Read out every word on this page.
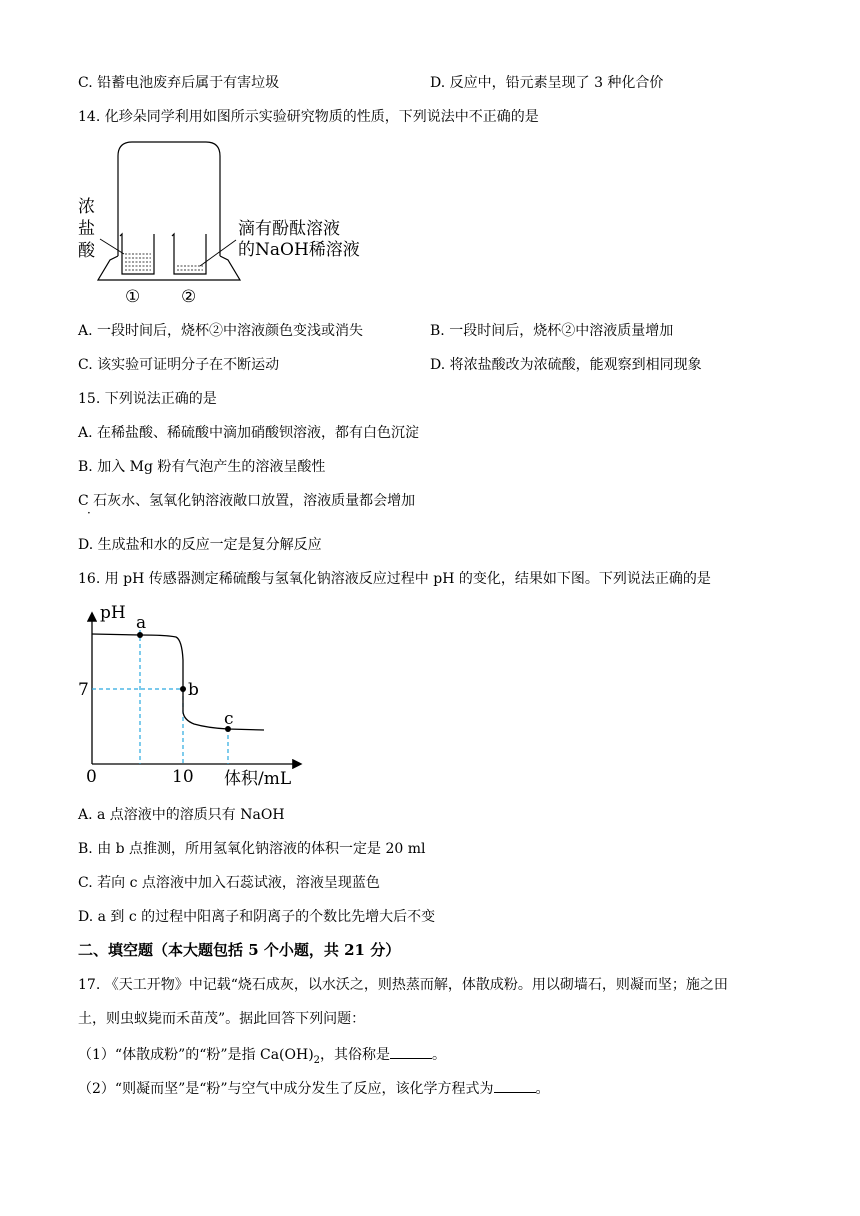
C. 铅蓄电池废弃后属于有害垃圾	D. 反应中，铅元素呈现了 3 种化合价
14. 化珍朵同学利用如图所示实验研究物质的性质，下列说法中不正确的是
浓
盐
酸
滴有酚酞溶液
的NaOH稀溶液
① ②
A. 一段时间后，烧杯②中溶液颜色变浅或消失	B. 一段时间后，烧杯②中溶液质量增加
C. 该实验可证明分子在不断运动	D. 将浓盐酸改为浓硫酸，能观察到相同现象
15. 下列说法正确的是
A. 在稀盐酸、稀硫酸中滴加硝酸钡溶液，都有白色沉淀
B. 加入 Mg 粉有气泡产生的溶液呈酸性
C 石灰水、氢氧化钠溶液敞口放置，溶液质量都会增加
·
D. 生成盐和水的反应一定是复分解反应
16. 用 pH 传感器测定稀硫酸与氢氧化钠溶液反应过程中 pH 的变化，结果如下图。下列说法正确的是
pH a
b
c
7
0	10 体积/mL
A. a 点溶液中的溶质只有 NaOH
B. 由 b 点推测，所用氢氧化钠溶液的体积一定是 20 ml
C. 若向 c 点溶液中加入石蕊试液，溶液呈现蓝色
D. a 到 c 的过程中阳离子和阴离子的个数比先增大后不变
二、填空题（本大题包括 5 个小题，共 21 分）
17. 《天工开物》中记载“烧石成灰，以水沃之，则热蒸而解，体散成粉。用以砌墙石，则凝而坚；施之田
土，则虫蚁毙而禾苗茂”。据此回答下列问题：
（1）“体散成粉”的“粉”是指 $Ca(OH)_2$，其俗称是	。
（2）“则凝而坚”是“粉”与空气中成分发生了反应，该化学方程式为	。
